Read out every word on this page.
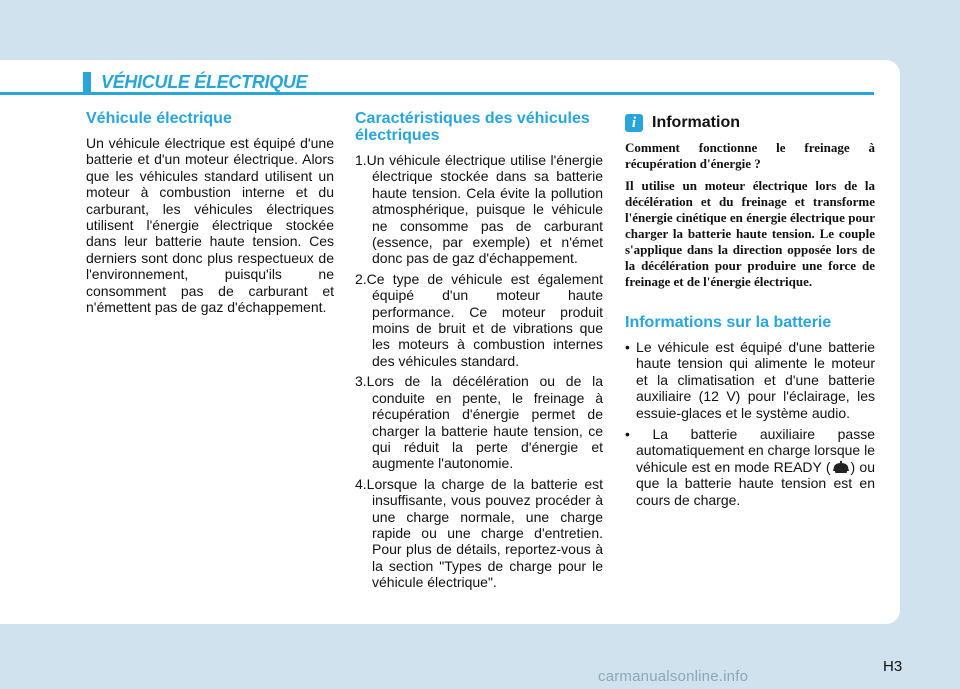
VÉHICULE ÉLECTRIQUE
Véhicule électrique

Un véhicule électrique est équipé d'une batterie et d'un moteur électrique. Alors que les véhicules standard utilisent un moteur à combustion interne et du carburant, les véhicules électriques utilisent l'énergie électrique stockée dans leur batterie haute tension. Ces derniers sont donc plus respectueux de l'environnement, puisqu'ils ne consomment pas de carburant et n'émettent pas de gaz d'échappement.

Caractéristiques des véhicules électriques
1.Un véhicule électrique utilise l'énergie électrique stockée dans sa batterie haute tension. Cela évite la pollution atmosphérique, puisque le véhicule ne consomme pas de carburant (essence, par exemple) et n'émet donc pas de gaz d'échappement.
2.Ce type de véhicule est également équipé d'un moteur haute performance. Ce moteur produit moins de bruit et de vibrations que les moteurs à combustion internes des véhicules standard.
3.Lors de la décélération ou de la conduite en pente, le freinage à récupération d'énergie permet de charger la batterie haute tension, ce qui réduit la perte d'énergie et augmente l'autonomie.
4.Lorsque la charge de la batterie est insuffisante, vous pouvez procéder à une charge normale, une charge rapide ou une charge d'entretien. Pour plus de détails, reportez-vous à la section "Types de charge pour le véhicule électrique".
i Information

Comment fonctionne le freinage à récupération d'énergie ?

Il utilise un moteur électrique lors de la décélération et du freinage et transforme l'énergie cinétique en énergie électrique pour charger la batterie haute tension. Le couple s'applique dans la direction opposée lors de la décélération pour produire une force de freinage et de l'énergie électrique.

Informations sur la batterie
• Le véhicule est équipé d'une batterie haute tension qui alimente le moteur et la climatisation et d'une batterie auxiliaire (12 V) pour l'éclairage, les essuie-glaces et le système audio.
• La batterie auxiliaire passe automatiquement en charge lorsque le véhicule est en mode READY ( ) ou que la batterie haute tension est en cours de charge.
H3
carmanualsonline.info
